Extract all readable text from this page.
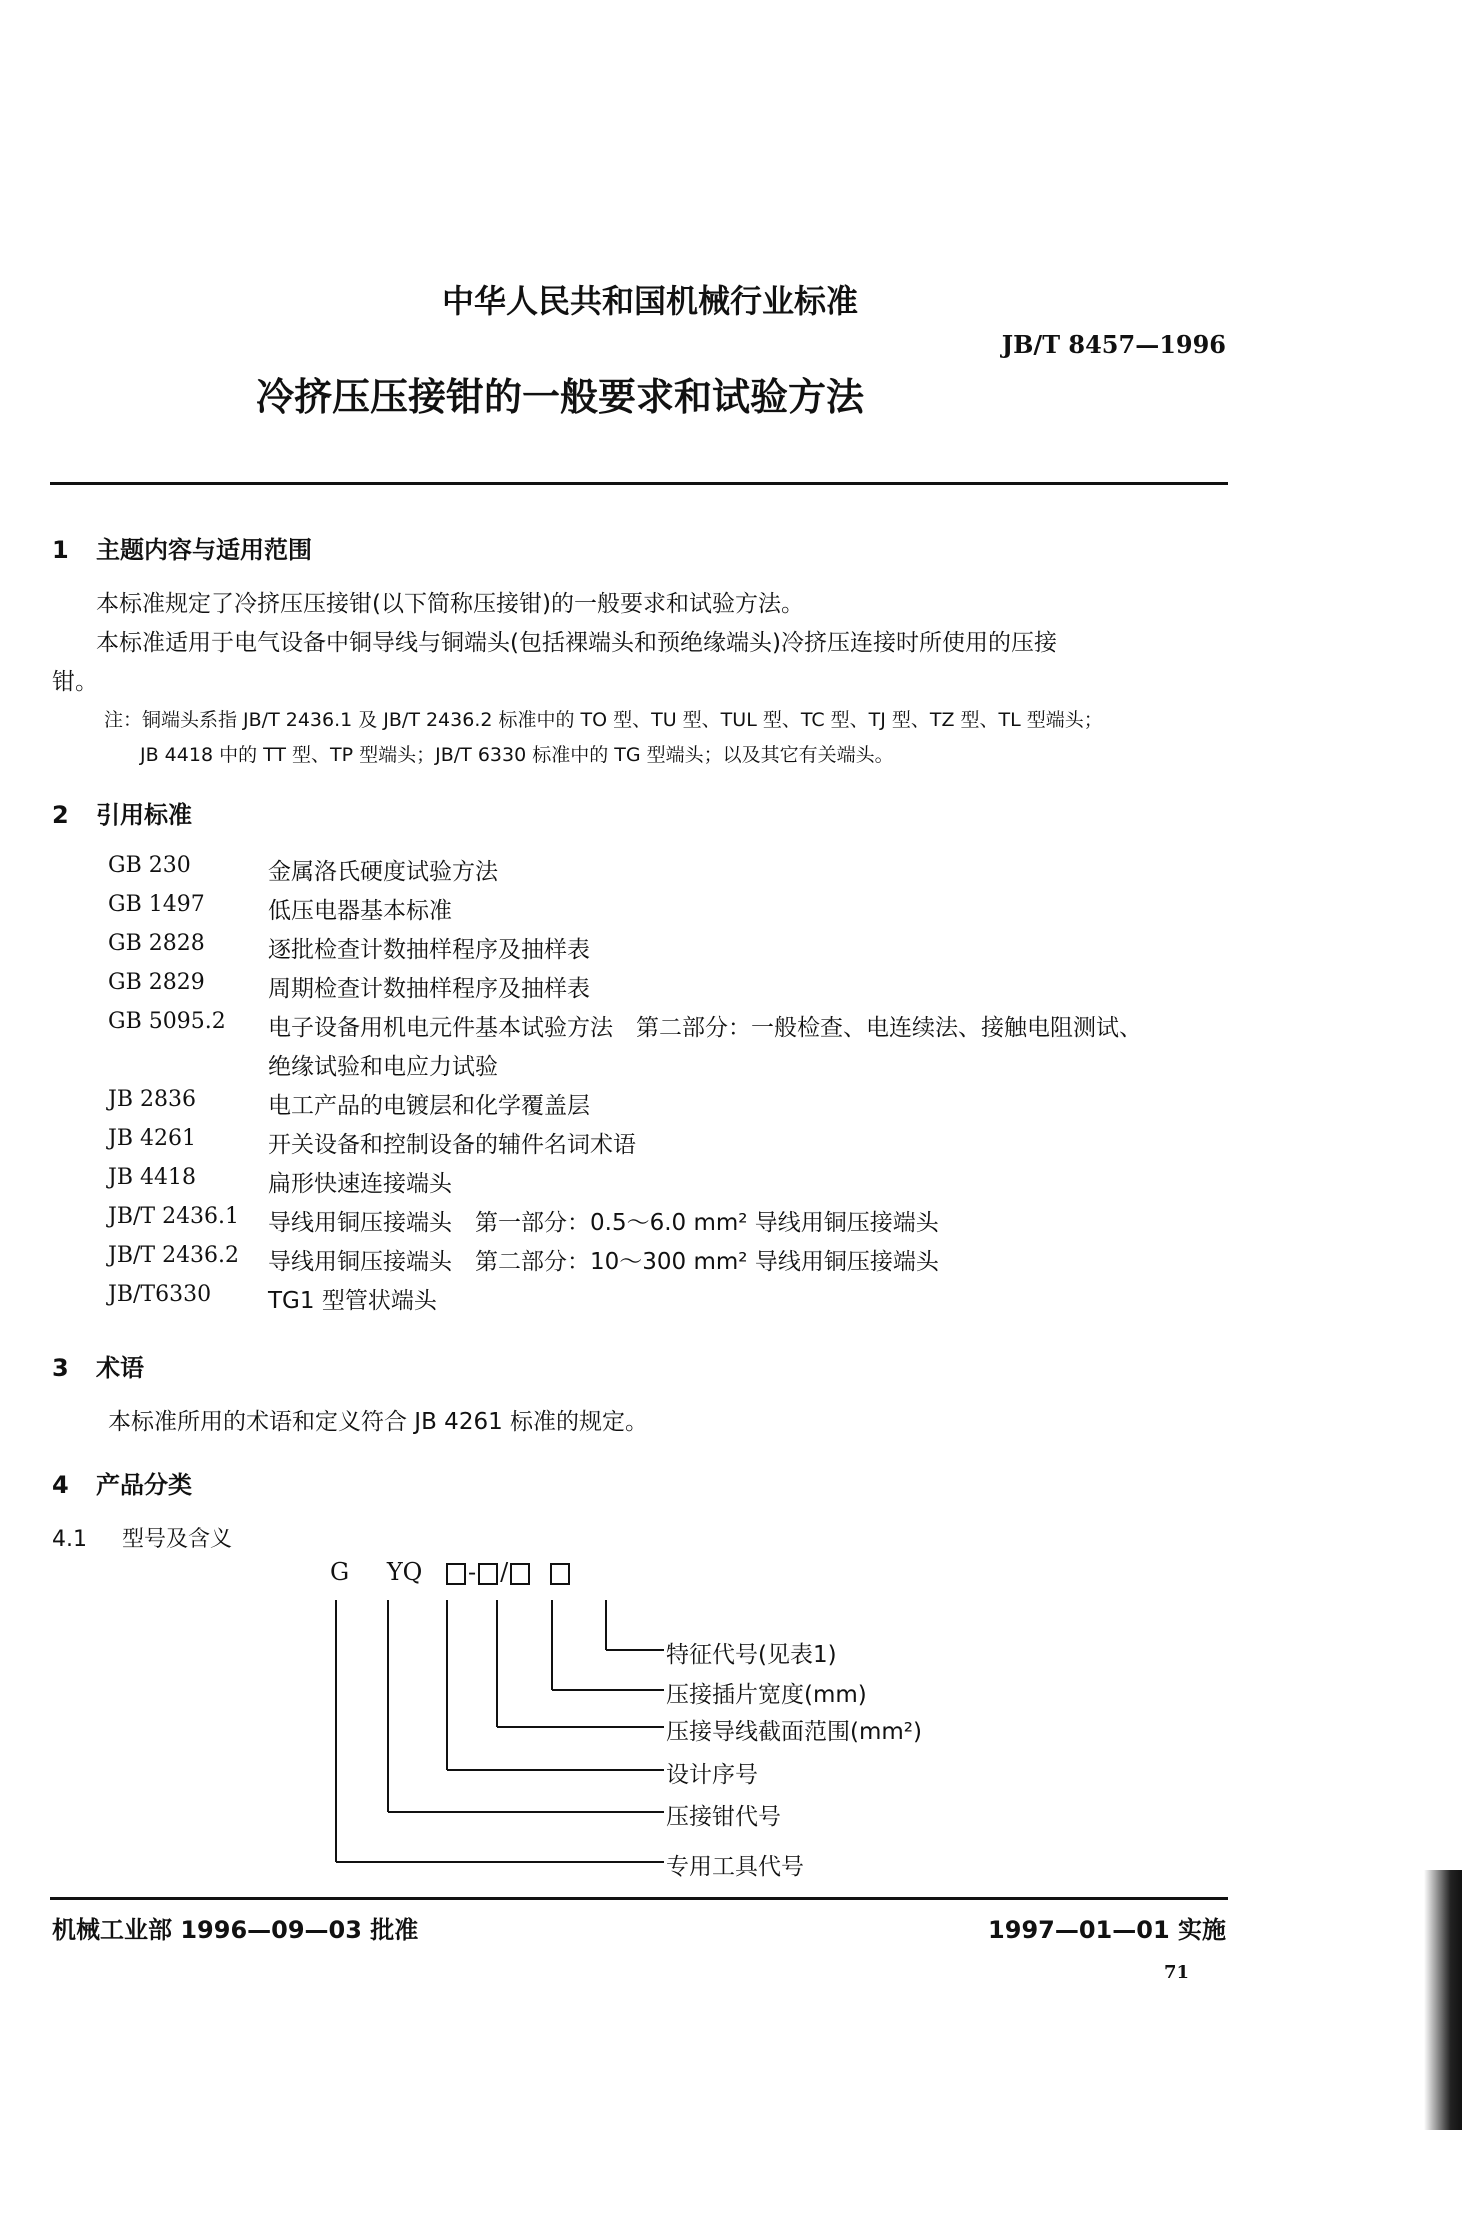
中华人民共和国机械行业标准
JB/T 8457—1996
冷挤压压接钳的一般要求和试验方法
1 主题内容与适用范围
本标准规定了冷挤压压接钳(以下简称压接钳)的一般要求和试验方法。
本标准适用于电气设备中铜导线与铜端头(包括裸端头和预绝缘端头)冷挤压连接时所使用的压接
钳。
注：铜端头系指 JB/T 2436.1 及 JB/T 2436.2 标准中的 TO 型、TU 型、TUL 型、TC 型、TJ 型、TZ 型、TL 型端头；
JB 4418 中的 TT 型、TP 型端头；JB/T 6330 标准中的 TG 型端头；以及其它有关端头。
2 引用标准
GB 230	金属洛氏硬度试验方法
GB 1497	低压电器基本标准
GB 2828	逐批检查计数抽样程序及抽样表
GB 2829	周期检查计数抽样程序及抽样表
GB 5095.2 电子设备用机电元件基本试验方法　第二部分：一般检查、电连续法、接触电阻测试、
绝缘试验和电应力试验
JB 2836	电工产品的电镀层和化学覆盖层
JB 4261	开关设备和控制设备的辅件名词术语
JB 4418	扁形快速连接端头
JB/T 2436.1 导线用铜压接端头　第一部分：0.5～6.0 mm² 导线用铜压接端头
JB/T 2436.2 导线用铜压接端头　第二部分：10～300 mm² 导线用铜压接端头
JB/T6330 TG1 型管状端头
3 术语
本标准所用的术语和定义符合 JB 4261 标准的规定。
4 产品分类
4.1 型号及含义
G YQ - /
特征代号(见表1)
压接插片宽度(mm)
压接导线截面范围(mm²)
设计序号
压接钳代号
专用工具代号
机械工业部 1996—09—03 批准	1997—01—01 实施
71
